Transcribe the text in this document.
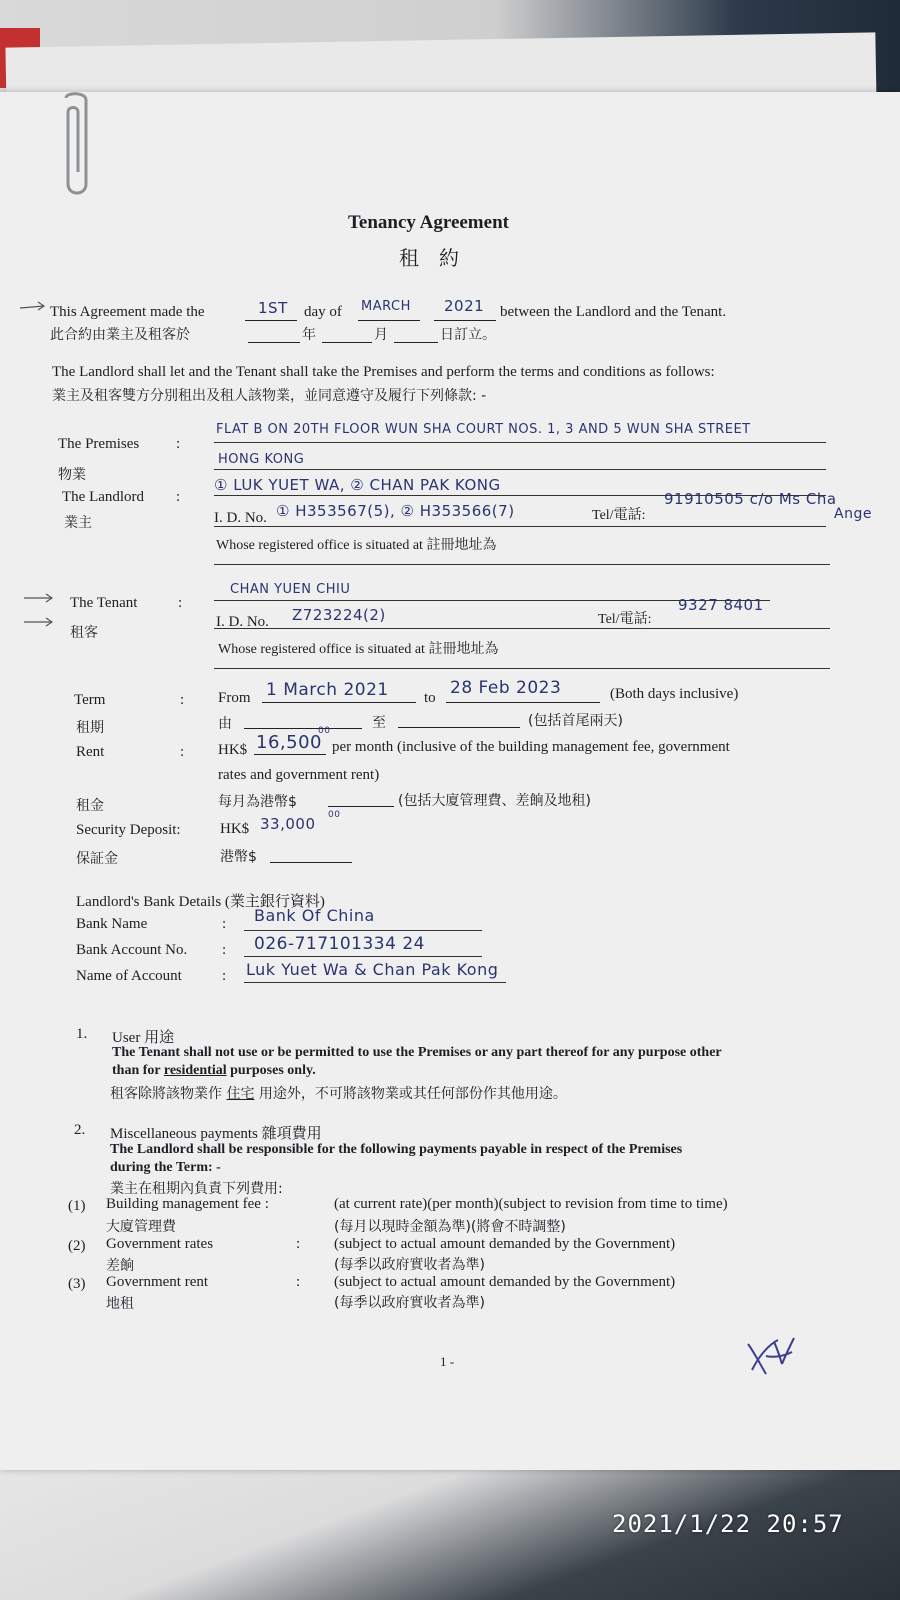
Tenancy Agreement
租　約
This Agreement made the	1ST day of MARCH 2021 between the Landlord and the Tenant.
此合約由業主及租客於	年	月	日訂立。
The Landlord shall let and the Tenant shall take the Premises and perform the terms and conditions as follows:
業主及租客雙方分別租出及租人該物業，並同意遵守及履行下列條款: -
The Premises :
FLAT B ON 20TH FLOOR WUN SHA COURT NOS. 1, 3 AND 5 WUN SHA STREET
物業
HONG KONG
The Landlord :
① LUK YUET WA, ② CHAN PAK KONG
業主	I. D. No. ① H353567(5), ② H353566(7)	Tel/電話:
91910505 c/o Ms Cha
Ange
Whose registered office is situated at 註冊地址為
The Tenant	:
CHAN YUEN CHIU
租客
I. D. No. Z723224(2)	Tel/電話:
9327 8401
Whose registered office is situated at 註冊地址為
Term	: From 1 March 2021 to 28 Feb 2023	(Both days inclusive)
租期	由	至	(包括首尾兩天)
Rent	: HK$ 16,500
00
per month (inclusive of the building management fee, government
rates and government rent)
租金	每月為港幣$	(包括大廈管理費、差餉及地租)
Security Deposit:	HK$ 33,000 00
保証金	港幣$
Landlord's Bank Details (業主銀行資料)
Bank Name	: Bank Of China
Bank Account No. : 026-717101334 24
Name of Account	: Luk Yuet Wa & Chan Pak Kong
1. User 用途
The Tenant shall not use or be permitted to use the Premises or any part thereof for any purpose other
than for residential purposes only.
租客除將該物業作 住宅 用途外，不可將該物業或其任何部份作其他用途。
2. Miscellaneous payments 雜項費用
The Landlord shall be responsible for the following payments payable in respect of the Premises
during the Term: -
業主在租期內負責下列費用:
(1) Building management fee :
大廈管理費
(at current rate)(per month)(subject to revision from time to time)
(每月以現時金額為準)(將會不時調整)
(2) Government rates	:
差餉
(subject to actual amount demanded by the Government)
(每季以政府實收者為準)
(3) Government rent	:
地租
(subject to actual amount demanded by the Government)
(每季以政府實收者為準)
1 -
2021/1/22 20:57
